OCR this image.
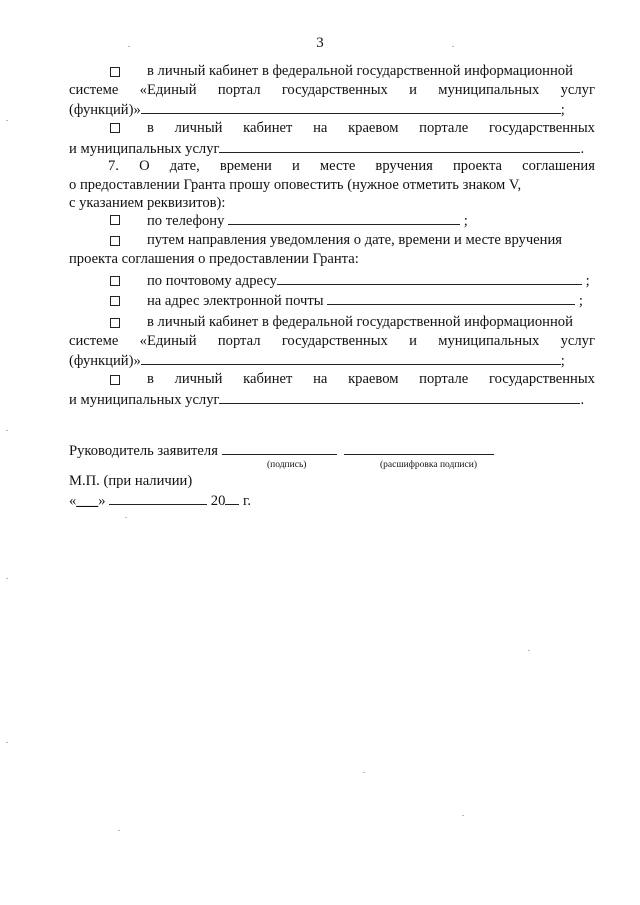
3
в личный кабинет в федеральной государственной информационной
системе «Единый портал государственных и муниципальных услуг
(функций)»	;
в личный кабинет на краевом портале государственных
и муниципальных услуг	.
7. О дате, времени и месте вручения проекта соглашения
о предоставлении Гранта прошу оповестить (нужное отметить знаком V,
с указанием реквизитов):
по телефону	;
путем направления уведомления о дате, времени и месте вручения
проекта соглашения о предоставлении Гранта:
по почтовому адресу	;
на адрес электронной почты	;
в личный кабинет в федеральной государственной информационной
системе «Единый портал государственных и муниципальных услуг
(функций)»	;
в личный кабинет на краевом портале государственных
и муниципальных услуг	.
Руководитель заявителя
(подпись)	(расшифровка подписи)
М.П. (при наличии)
«___»	20 г.
